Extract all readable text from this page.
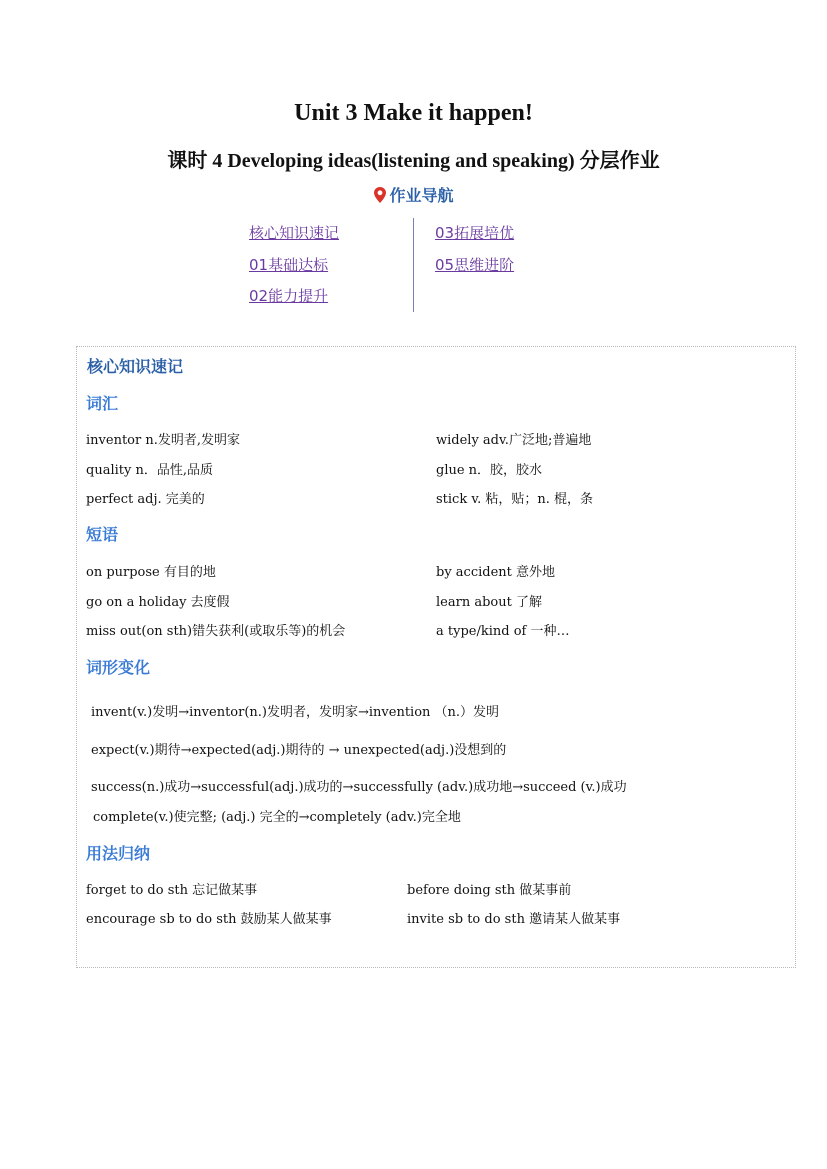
Unit 3 Make it happen!
课时 4 Developing ideas(listening and speaking) 分层作业
作业导航
核心知识速记
01基础达标
02能力提升
03拓展培优
05思维进阶
核心知识速记
词汇
inventor n.发明者,发明家	widely adv.广泛地;普遍地
quality n．品性,品质	glue n．胶，胶水
perfect adj. 完美的	stick v. 粘，贴；n. 棍，条
短语
on purpose 有目的地	by accident 意外地
go on a holiday 去度假	learn about 了解
miss out(on sth)错失获利(或取乐等)的机会	a type/kind of 一种…
词形变化
invent(v.)发明→inventor(n.)发明者，发明家→invention （n.）发明
expect(v.)期待→expected(adj.)期待的 → unexpected(adj.)没想到的
success(n.)成功→successful(adj.)成功的→successfully (adv.)成功地→succeed (v.)成功
complete(v.)使完整; (adj.) 完全的→completely (adv.)完全地
用法归纳
forget to do sth 忘记做某事	before doing sth 做某事前
encourage sb to do sth 鼓励某人做某事	invite sb to do sth 邀请某人做某事
